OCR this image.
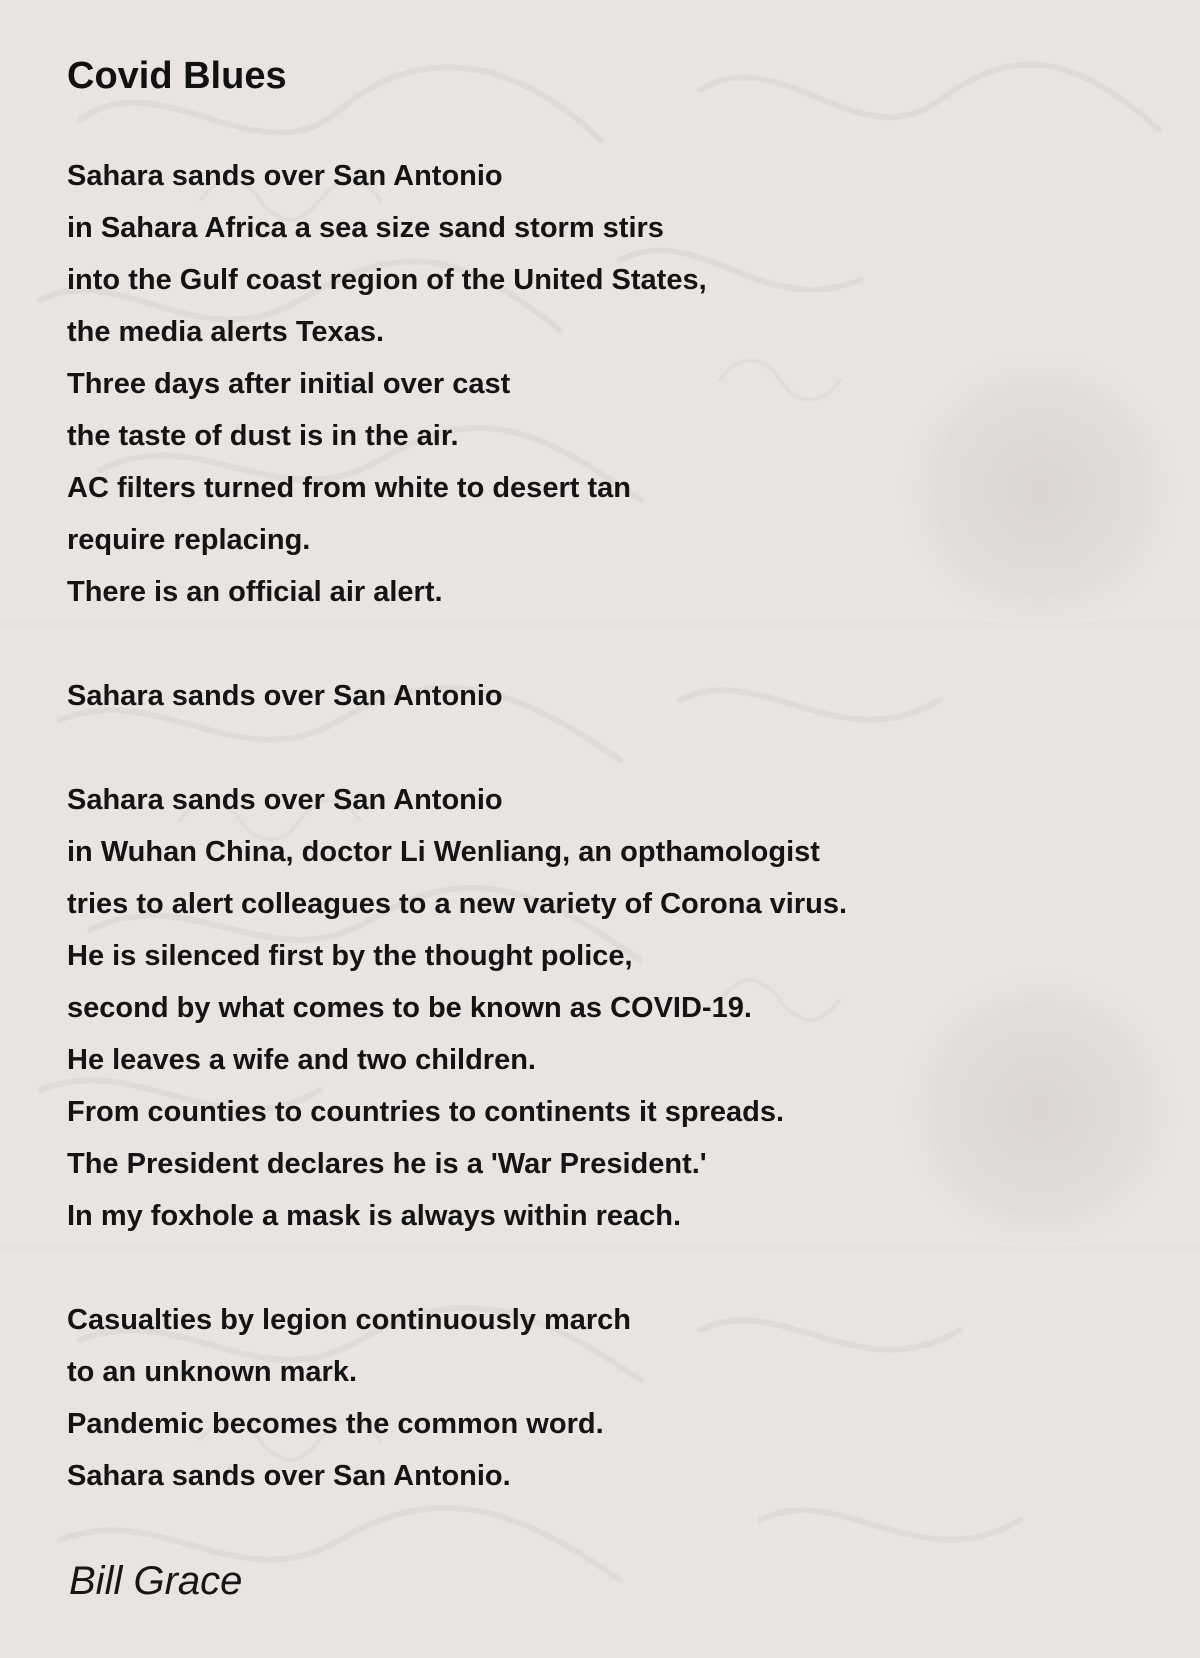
Covid Blues
Sahara sands over San Antonio
in Sahara Africa a sea size sand storm stirs
into the Gulf coast region of the United States,
the media alerts Texas.
Three days after initial over cast
the taste of dust is in the air.
AC filters turned from white to desert tan
require replacing.
There is an official air alert.
Sahara sands over San Antonio
Sahara sands over San Antonio
in Wuhan China, doctor Li Wenliang, an opthamologist
tries to alert colleagues to a new variety of Corona virus.
He is silenced first by the thought police,
second by what comes to be known as COVID-19.
He leaves a wife and two children.
From counties to countries to continents it spreads.
The President declares he is a 'War President.'
In my foxhole a mask is always within reach.
Casualties by legion continuously march
to an unknown mark.
Pandemic becomes the common word.
Sahara sands over San Antonio.
Bill Grace
